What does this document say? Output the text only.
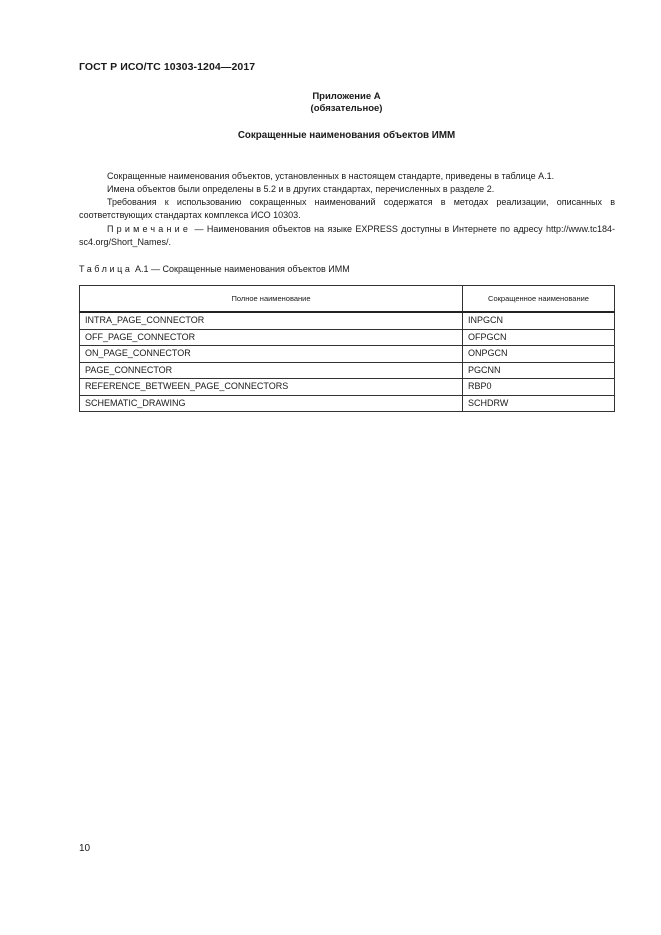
ГОСТ Р ИСО/ТС 10303-1204—2017
Приложение А
(обязательное)
Сокращенные наименования объектов ИММ
Сокращенные наименования объектов, установленных в настоящем стандарте, приведены в таблице А.1.
Имена объектов были определены в 5.2 и в других стандартах, перечисленных в разделе 2.
Требования к использованию сокращенных наименований содержатся в методах реализации, описанных в соответствующих стандартах комплекса ИСО 10303.
Примечание — Наименования объектов на языке EXPRESS доступны в Интернете по адресу http://www.tc184-sc4.org/Short_Names/.
Таблица А.1 — Сокращенные наименования объектов ИММ
Полное наименование	Сокращенное наименование
INTRA_PAGE_CONNECTOR	INPGCN
OFF_PAGE_CONNECTOR	OFPGCN
ON_PAGE_CONNECTOR	ONPGCN
PAGE_CONNECTOR	PGCNN
REFERENCE_BETWEEN_PAGE_CONNECTORS	RBP0
SCHEMATIC_DRAWING	SCHDRW
10
